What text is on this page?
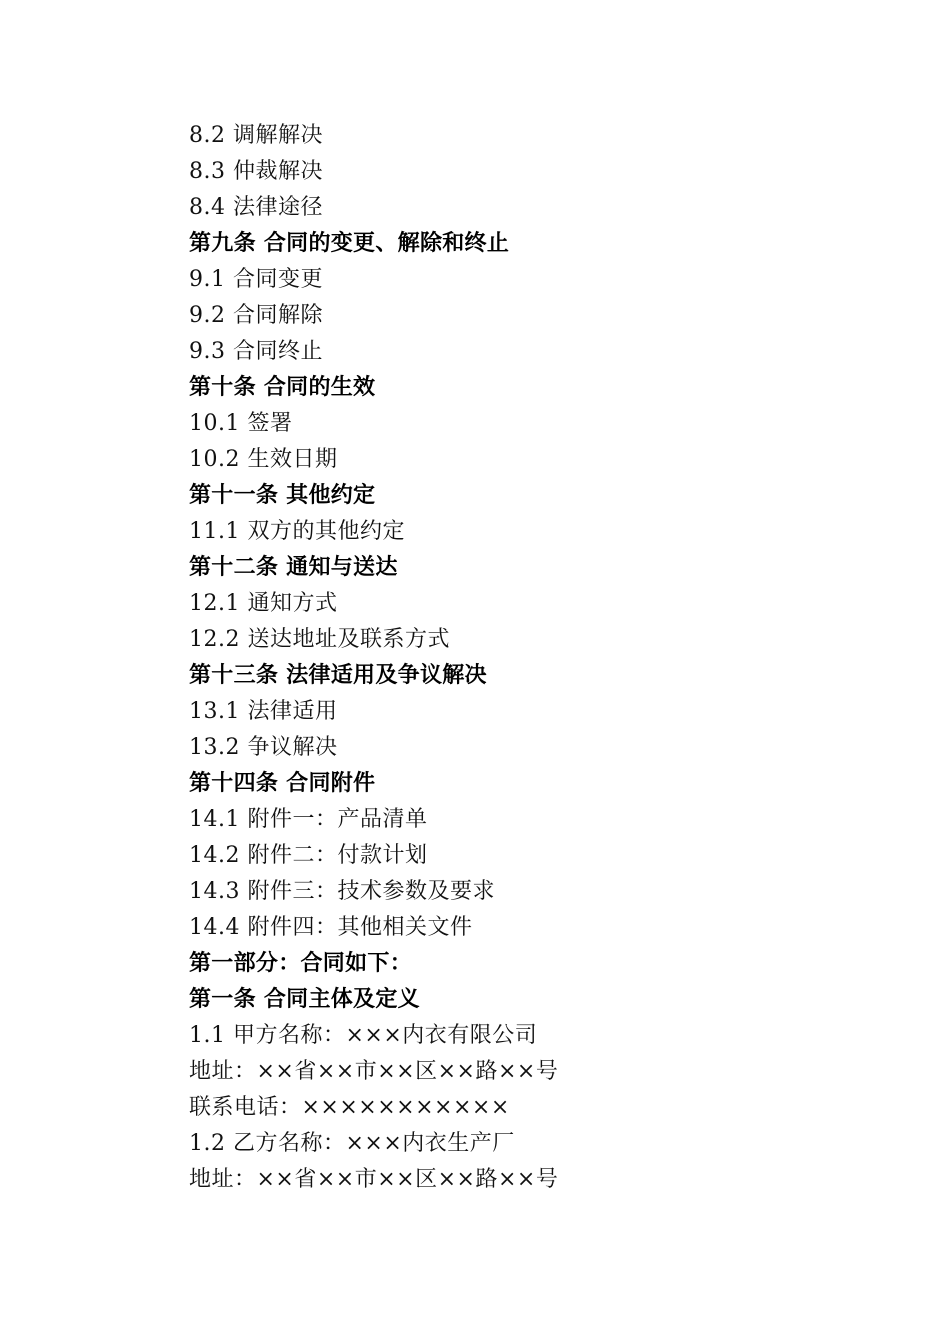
8.2 调解解决
8.3 仲裁解决
8.4 法律途径
第九条 合同的变更、解除和终止
9.1 合同变更
9.2 合同解除
9.3 合同终止
第十条 合同的生效
10.1 签署
10.2 生效日期
第十一条 其他约定
11.1 双方的其他约定
第十二条 通知与送达
12.1 通知方式
12.2 送达地址及联系方式
第十三条 法律适用及争议解决
13.1 法律适用
13.2 争议解决
第十四条 合同附件
14.1 附件一：产品清单
14.2 附件二：付款计划
14.3 附件三：技术参数及要求
14.4 附件四：其他相关文件
第一部分：合同如下：
第一条 合同主体及定义
1.1 甲方名称：×××内衣有限公司
地址：××省××市××区××路××号
联系电话：×××××××××××
1.2 乙方名称：×××内衣生产厂
地址：××省××市××区××路××号
